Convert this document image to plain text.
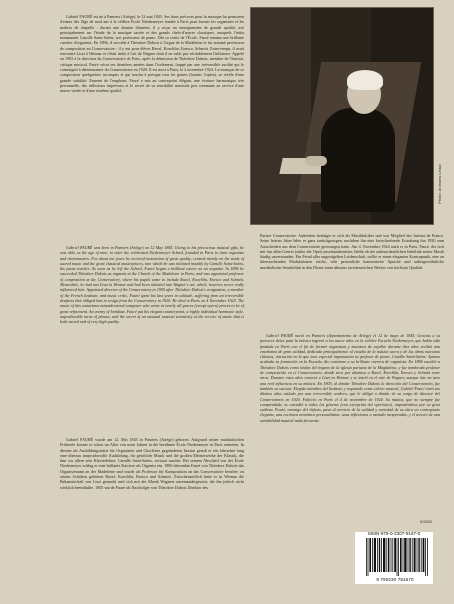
Gabriel FAURÉ est né à Pamiers (Ariège), le 12 mai 1845. Ses dons précoces pour la musique lui permirent d'entrer dès l'âge de neuf ans à la célèbre École Niedermeyer fondée à Paris pour former les organistes et les maîtres de chapelle : durant une dizaine d'années, il y reçut un enseignement de grande qualité, axé principalement sur l'étude de la musique sacrée et des grands chefs-d'œuvre classiques, auxquels l'initia notamment Camille Saint-Saëns, son professeur de piano. Dès sa sortie de l'École, Fauré entama une brillante carrière d'organiste. En 1896, il succéda à Théodore Dubois à l'orgue de la Madeleine et fut nommé professeur de composition au Conservatoire : il y eut pour élèves Ravel, Koechlin, Enesco, Schmitt. Entre-temps, il avait rencontré Liszt à Weimar et s'était initié à l'art de Wagner dont il ne subit pas véritablement l'influence. Appelé en 1905 à la direction du Conservatoire de Paris, après la démission de Théodore Dubois, membre de l'Institut, critique musical, Fauré vécut ses dernières années dans l'isolement, frappé par une irréversible surdité qui le contraignit à démissionner du Conservatoire en 1920. Il est mort à Paris, le 4 novembre 1924. La musique de ce compositeur quelquefois incompris et qui toucha à presque tous les genres (hormis l'opéra), se révèle d'une grande subtilité. Ennemi de l'emphase, Fauré a mis au contrepoint élégant, une écriture harmonique très personnelle, des inflexions imprévues et le secret de sa sensibilité musicale peu commune au service d'une œuvre variée et d'une extrême qualité.

Gabriel FAURÉ was born in Pamiers (Ariège) on 12 May 1845. Owing to his precocious musical gifts, he was able, at the age of nine, to enter the celebrated Niedermeyer School, founded in Paris to train organists and choirmasters. For about ten years he received instruction of great quality, centred mainly on the study of sacred music and the great classical masterpieces, into which he was initiated notably by Camille Saint-Saëns, his piano teacher. As soon as he left the School, Fauré began a brilliant career as an organist. In 1896 he succeeded Théodore Dubois as organist at the Church of the Madeleine in Paris, and was appointed professor of composition at the Conservatory, where his pupils came to include Ravel, Koechlin, Enesco and Schmitt. Meanwhile, he had met Liszt in Weimar and had been initiated into Wagner's art, which, however, never really influenced him. Appointed director of the Conservatory in 1905 after Théodore Dubois's resignation, a member of the French Institute, and music critic, Fauré spent his last years in solitude, suffering from an irreversible deafness that obliged him to resign from the Conservatory in 1920. He died in Paris on 4 November 1924. The music of this sometimes misunderstood composer who wrote in nearly all genres (except opera) proves to be of great refinement. An enemy of bombast, Fauré put his elegant counterpoint, a highly individual harmonic style, unpredictable turns of phrase, and the secret of an unusual musical sensitivity at the service of music that is both varied and of very high quality.

Gabriel FAURÉ wurde am 12. Mai 1845 in Pamiers (Ariège) geboren. Aufgrund seiner musikalischen Frühreife konnte er schon im Alter von neun Jahren in die berühmte École Niedermeyer in Paris eintreten. In diesem als Ausbildungsstätte für Organisten und Chorleiter gegründeten Institut genoß er ein Jahrzehnt lang eine überaus anspruchsvolle Ausbildung, für geistliche Musik und die großen Meisterwerke der Klassik, die ihm vor allem sein Klavierlehrer, Camille Saint-Saëns, vertraut machte. Bei seinem Abschied von der École Niedermeyer schlug er eine brillante Karriere als Organist ein. 1896 übernahm Fauré von Théodore Dubois das Organistenamt an der Madeleine und wurde als Professor für Komposition an das Conservatoire berufen: zu seinen Schülern gehörten Ravel, Koechlin, Enesco und Schmitt. Zwischenzeitlich hatte er in Weimar die Bekanntschaft von Liszt gemacht und sich mit der Musik Wagners auseinandergesetzt, die ihn jedoch nicht wirklich beeinflußte. 1905 wurde Fauré als Nachfolger von Théodore Dubois Direktor des

Photo: Archives Leduc

Pariser Conservatoire. Außerdem betätigte er sich als Musikkritiker und war Mitglied des Institut de France. Seine letzten Jahre lebte er ganz zurückgezogen, nachdem ihn eine fortschreitende Ertaubung ihn 1920 zum Ausscheiden aus dem Conservatoire gezwungen hatte. Am 4. November 1924 starb er in Paris. Fauré, der sich mit fast allen Genres (außer der Oper) auseinandersetzte, bleibt ob der außerordentlichen Subtilität seiner Musik häufig unverstanden. Ein Feind aller ungezügelten Leidenschaft, stellte er einen eleganten Kontrapunkt, eine an überraschenden Modulationen reiche, sehr persönliche harmonische Sprache und außergewöhnliche musikalische Sensibilität in den Dienst eines überaus facettenreichen Werkes von höchster Qualität.

Gabriel FAURÉ nació en Pamiers (departamento de Ariège) el 12 de mayo de 1845. Gracias a su precoces dotes para la música ingresó a los nueve años en la célebre Escuela Niedermeyer, que había sido fundada en París con el fin de formar organistas y maestros de capilla: durante diez años recibió una enseñanza de gran calidad, dedicada principalmente al estudio de la música sacra y de las obras maestras clásicas, iniciación en la que tuvo especial importancia su profesor de piano, Camille Saint-Saëns. Apenas acabada su formación en la Escuela, dio comienzo a su brillante carrera de organista. En 1896 sucedió a Théodore Dubois como titular del órgano de la iglesia parisina de la Magdalena, y fue nombrado profesor de composición en el Conservatorio, donde tuvo por alumnos a Ravel, Koechlin, Enesco y Schmitt entre otros. Durante estos años conoció a Liszt en Weimar y se inició en el arte de Wagner, aunque éste no tuvo una real influencia en su música. En 1905, al dimitir Théodore Dubois la dirección del Conservatorio, fue también su sucesor. Elegido miembro del Instituto y respetado como crítico musical, Gabriel Fauré vivió sus últimos años aislado por una irreversible sordera, que le obligó a dimitir de su cargo de director del Conservatorio en 1920. Falleció en París el 4 de noviembre de 1924. Su música, que no siempre fue comprendida, se extendió a todos los géneros (con excepción del operístico), imponiéndose por su gran sutileza. Fauré, enemigo del énfasis, puso al servicio de la calidad y variedad de su obra un contrapunto elegante, una escritura armónica personalísima, unas inflexiones a menudo inesperadas, y el secreto de una sensibilidad musical nada frecuente.

II/2002
ISMN-979-0-2307-9167-0
9 790230 791670
